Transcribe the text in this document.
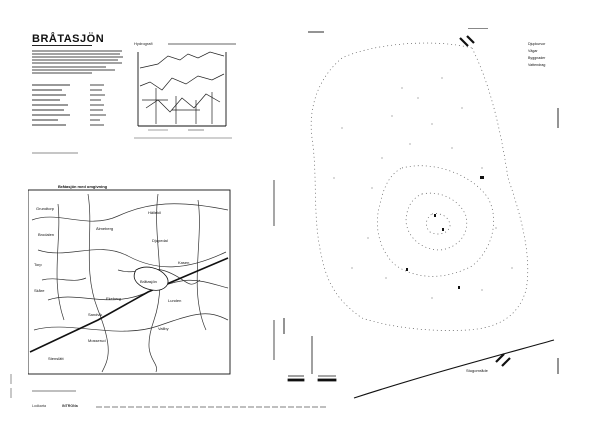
BRÅTASJÖN	Hydrografi
Bråtasjön med omgivning
Bråtasjön
Grundtorp
Hällekil
Älmeberg
Brodalen
Djupedal
Torp	Kasen
Skåre
Ekeberg	Lunden
Sandvik
Vallby
Mosserud
Stenslätt
Djupkurvor
Vägar
Byggnader
Vattendrag
Stugområde
Lodkarta	INTRONa
